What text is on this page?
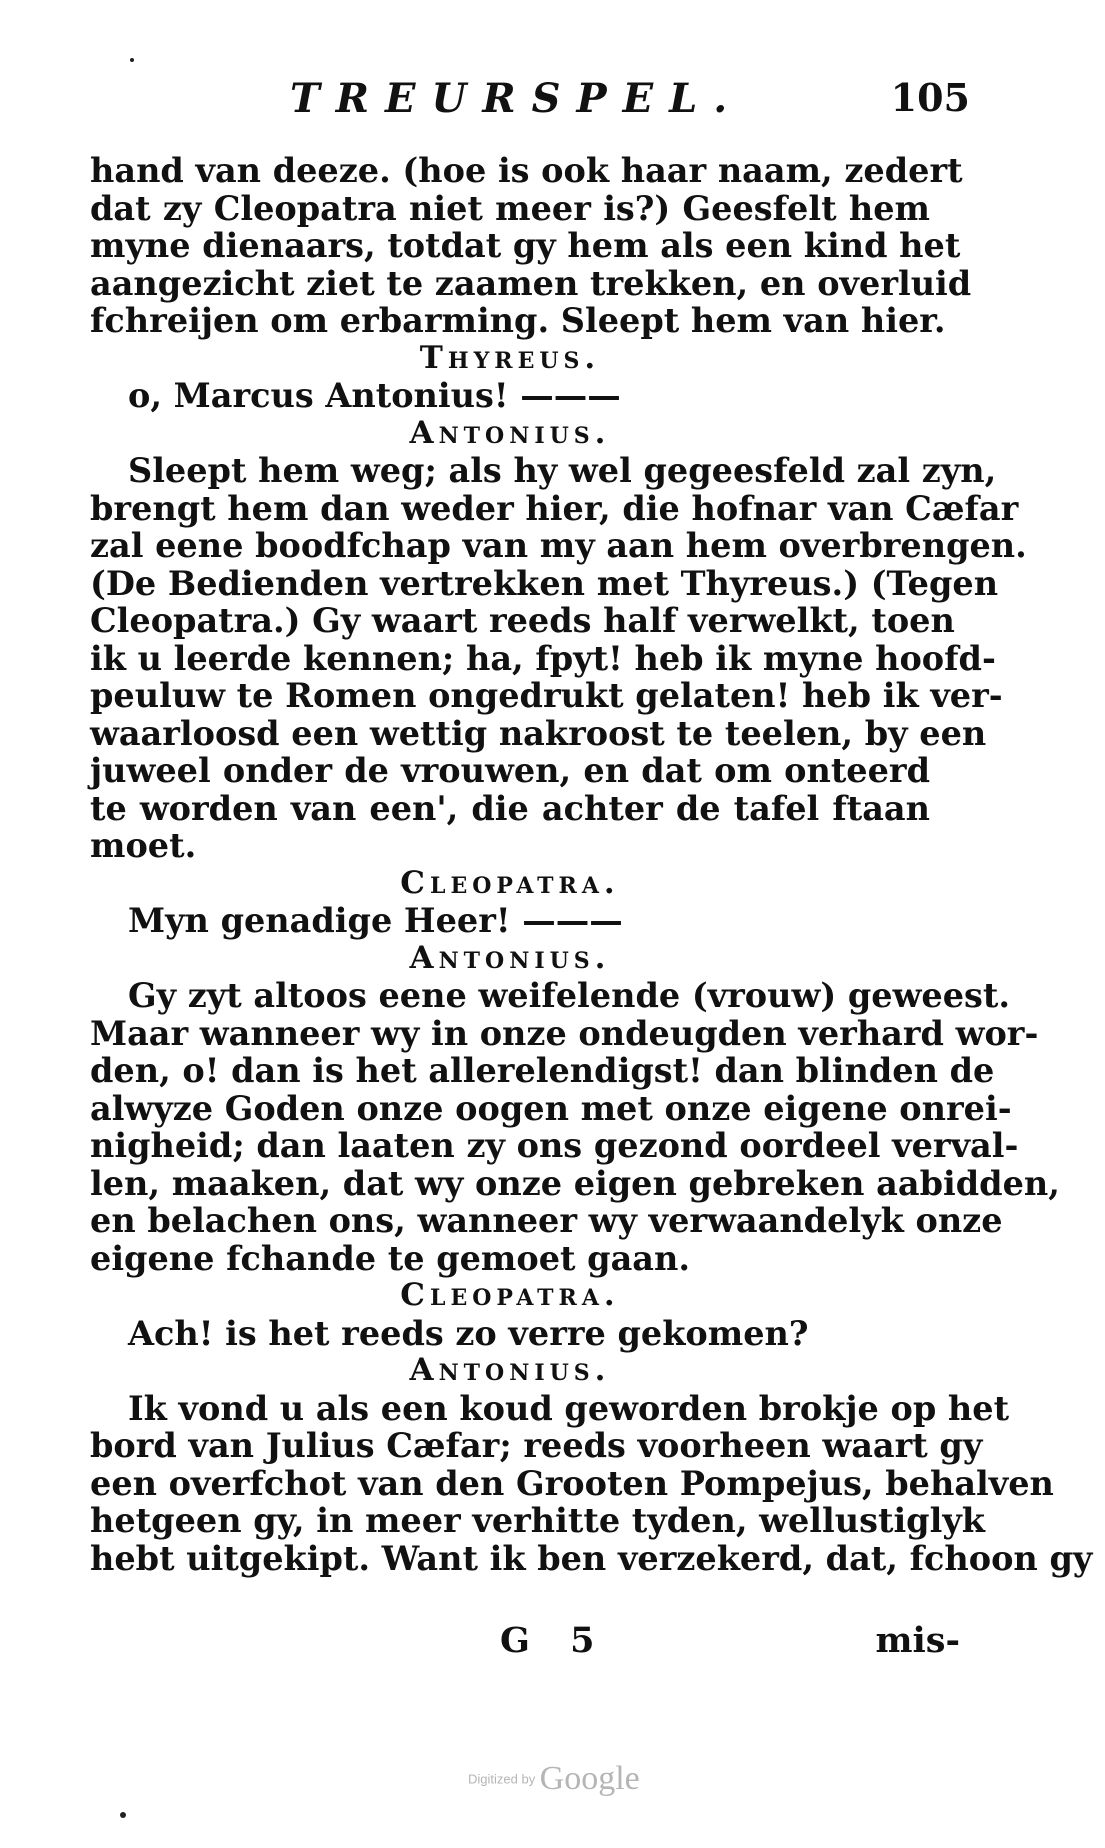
TREURSPEL.	105
hand van deeze. (hoe is ook haar naam, zedert
dat zy Cleopatra niet meer is?) Geesfelt hem
myne dienaars, totdat gy hem als een kind het
aangezicht ziet te zaamen trekken, en overluid
fchreijen om erbarming. Sleept hem van hier.
Thyreus.
o, Marcus Antonius! ———
Antonius.
Sleept hem weg; als hy wel gegeesfeld zal zyn,
brengt hem dan weder hier, die hofnar van Cæfar
zal eene boodfchap van my aan hem overbrengen.
(De Bedienden vertrekken met Thyreus.) (Tegen
Cleopatra.) Gy waart reeds half verwelkt, toen
ik u leerde kennen; ha, fpyt! heb ik myne hoofd-
peuluw te Romen ongedrukt gelaten! heb ik ver-
waarloosd een wettig nakroost te teelen, by een
juweel onder de vrouwen, en dat om onteerd
te worden van een', die achter de tafel ftaan
moet.
Cleopatra.
Myn genadige Heer! ———
Antonius.
Gy zyt altoos eene weifelende (vrouw) geweest.
Maar wanneer wy in onze ondeugden verhard wor-
den, o! dan is het allerelendigst! dan blinden de
alwyze Goden onze oogen met onze eigene onrei-
nigheid; dan laaten zy ons gezond oordeel verval-
len, maaken, dat wy onze eigen gebreken aabidden,
en belachen ons, wanneer wy verwaandelyk onze
eigene fchande te gemoet gaan.
Cleopatra.
Ach! is het reeds zo verre gekomen?
Antonius.
Ik vond u als een koud geworden brokje op het
bord van Julius Cæfar; reeds voorheen waart gy
een overfchot van den Grooten Pompejus, behalven
hetgeen gy, in meer verhitte tyden, wellustiglyk
hebt uitgekipt. Want ik ben verzekerd, dat, fchoon gy
G 5	mis-
Digitized by Google
